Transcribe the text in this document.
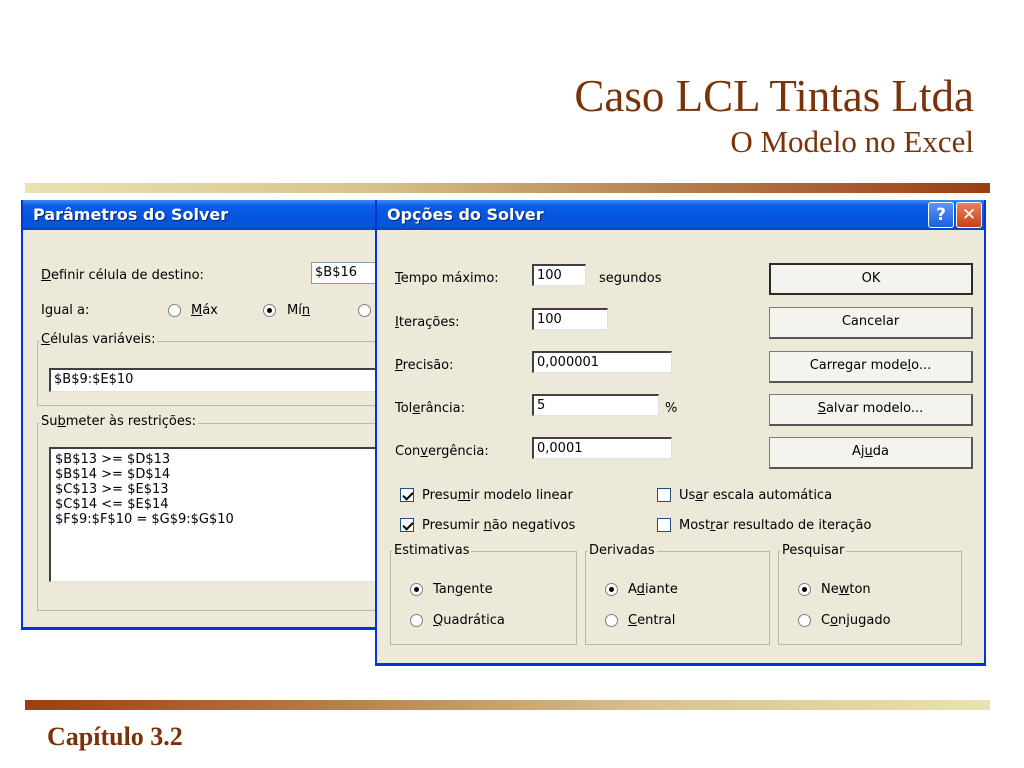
Caso LCL Tintas Ltda
O Modelo no Excel
Parâmetros do Solver
Definir célula de destino:	$B$16
Igual a:	Máx	Mín
Células variáveis:
$B$9:$E$10
Submeter às restrições:
$B$13 >= $D$13
$B$14 >= $D$14
$C$13 >= $E$13
$C$14 <= $E$14
$F$9:$F$10 = $G$9:$G$10
Opções do Solver	? ✕
Tempo máximo:	100	segundos
Iterações:	100
Precisão:	0,000001
Tolerância:	5	%
Convergência:	0,0001
OK
Cancelar
Carregar modelo...
Salvar modelo...
Ajuda
Presumir modelo linear	Usar escala automática
Presumir não negativos	Mostrar resultado de iteração
Estimativas
Tangente
Quadrática
Derivadas
Adiante
Central
Pesquisar
Newton
Conjugado
Capítulo 3.2
